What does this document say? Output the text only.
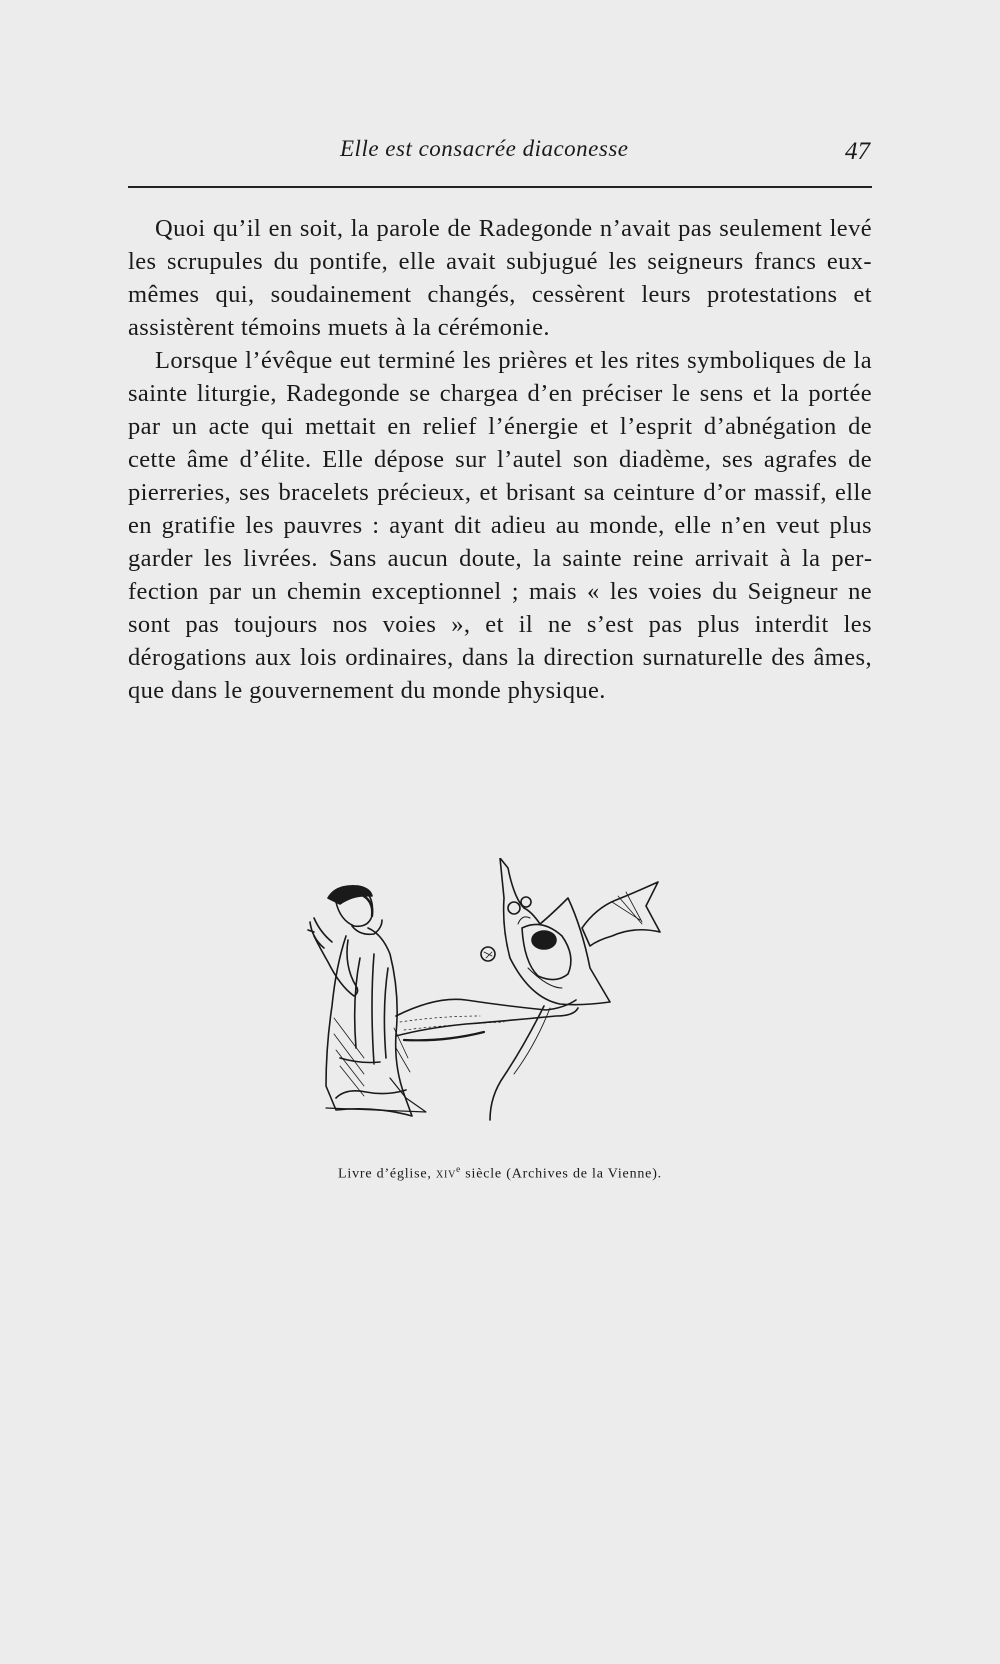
Elle est consacrée diaconesse	47

Quoi qu’il en soit, la parole de Radegonde n’avait pas seulement levé les scrupules du pontife, elle avait subjugué les seigneurs francs eux-mêmes qui, soudainement changés, cessèrent leurs protestations et assistèrent témoins muets à la cérémonie.

Lorsque l’évêque eut terminé les prières et les rites symboliques de la sainte liturgie, Radegonde se chargea d’en préciser le sens et la portée par un acte qui mettait en relief l’énergie et l’esprit d’abnégation de cette âme d’élite. Elle dépose sur l’autel son diadème, ses agrafes de pierreries, ses bracelets précieux, et brisant sa ceinture d’or massif, elle en gratifie les pauvres : ayant dit adieu au monde, elle n’en veut plus garder les livrées. Sans aucun doute, la sainte reine arrivait à la perfection par un chemin exceptionnel ; mais « les voies du Seigneur ne sont pas toujours nos voies », et il ne s’est pas plus interdit les dérogations aux lois ordinaires, dans la direction surnaturelle des âmes, que dans le gouvernement du monde physique.

Livre d’église, xiv$^e$ siècle (Archives de la Vienne).
